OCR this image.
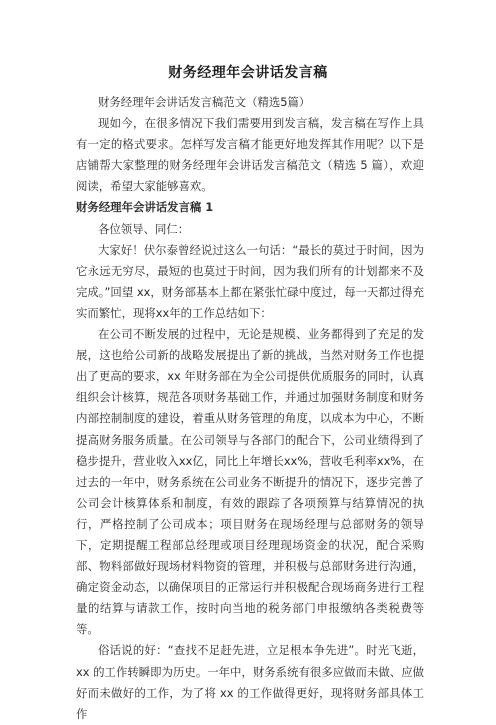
财务经理年会讲话发言稿

财务经理年会讲话发言稿范文（精选5篇）

现如今，在很多情况下我们需要用到发言稿，发言稿在写作上具有一定的格式要求。怎样写发言稿才能更好地发挥其作用呢？以下是店铺帮大家整理的财务经理年会讲话发言稿范文（精选 5 篇），欢迎阅读，希望大家能够喜欢。

财务经理年会讲话发言稿 1

各位领导、同仁：

大家好！伏尔泰曾经说过这么一句话：“最长的莫过于时间，因为它永远无穷尽，最短的也莫过于时间，因为我们所有的计划都来不及完成。”回望 xx，财务部基本上都在紧张忙碌中度过，每一天都过得充实而繁忙，现将xx年的工作总结如下：

在公司不断发展的过程中，无论是规模、业务都得到了充足的发展，这也给公司新的战略发展提出了新的挑战，当然对财务工作也提出了更高的要求，xx 年财务部在为全公司提供优质服务的同时，认真组织会计核算，规范各项财务基础工作，并通过加强财务制度和财务内部控制制度的建设，着重从财务管理的角度，以成本为中心，不断提高财务服务质量。在公司领导与各部门的配合下，公司业绩得到了稳步提升，营业收入xx亿，同比上年增长xx%，营收毛利率xx%，在过去的一年中，财务系统在公司业务不断提升的情况下，逐步完善了公司会计核算体系和制度，有效的跟踪了各项预算与结算情况的执行，严格控制了公司成本；项目财务在现场经理与总部财务的领导下，定期提醒工程部总经理或项目经理现场资金的状况，配合采购部、物料部做好现场材料物资的管理，并积极与总部财务进行沟通，确定资金动态，以确保项目的正常运行并积极配合现场商务进行工程量的结算与请款工作，按时向当地的税务部门申报缴纳各类税费等等。

俗话说的好：“查找不足赶先进，立足根本争先进”。时光飞逝，xx 的工作转瞬即为历史。一年中，财务系统有很多应做而未做、应做好而未做好的工作，为了将 xx 的工作做得更好，现将财务部具体工作
